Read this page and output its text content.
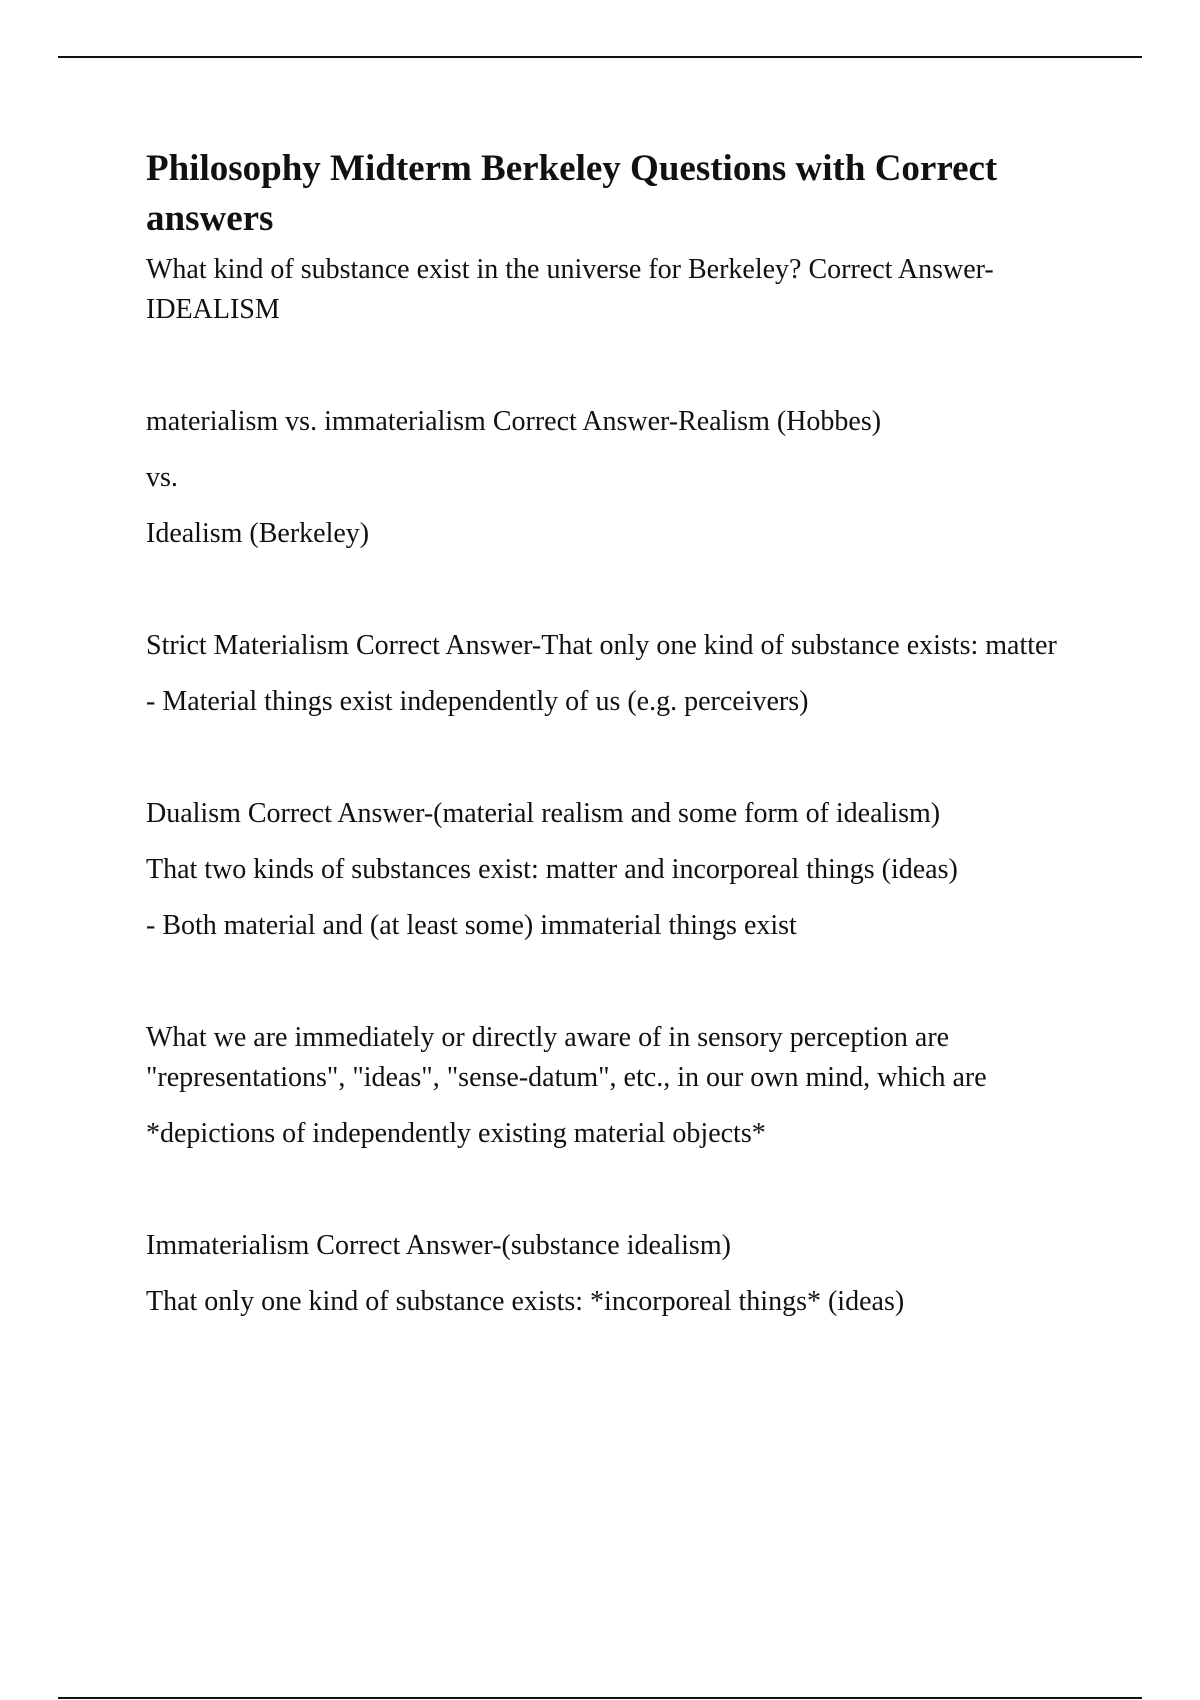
Philosophy Midterm Berkeley Questions with Correct answers

What kind of substance exist in the universe for Berkeley? Correct Answer-IDEALISM

materialism vs. immaterialism Correct Answer-Realism (Hobbes)

vs.

Idealism (Berkeley)

Strict Materialism Correct Answer-That only one kind of substance exists: matter

- Material things exist independently of us (e.g. perceivers)

Dualism Correct Answer-(material realism and some form of idealism)

That two kinds of substances exist: matter and incorporeal things (ideas)

- Both material and (at least some) immaterial things exist

What we are immediately or directly aware of in sensory perception are "representations", "ideas", "sense-datum", etc., in our own mind, which are

*depictions of independently existing material objects*

Immaterialism Correct Answer-(substance idealism)

That only one kind of substance exists: *incorporeal things* (ideas)
